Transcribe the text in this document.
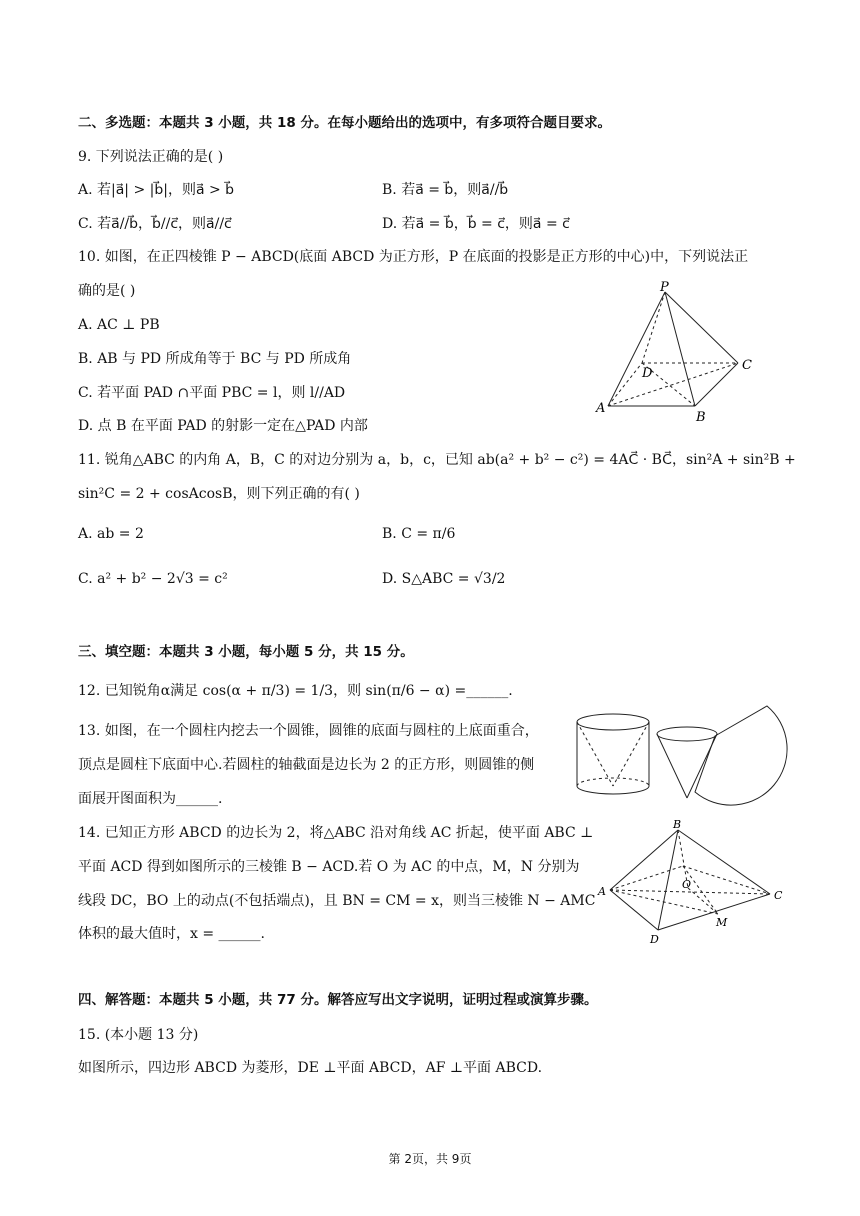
二、多选题：本题共 3 小题，共 18 分。在每小题给出的选项中，有多项符合题目要求。
9. 下列说法正确的是( )
A. 若|a⃗| > |b⃗|，则a⃗ > b⃗	B. 若a⃗ = b⃗，则a⃗//b⃗
C. 若a⃗//b⃗，b⃗//c⃗，则a⃗//c⃗	D. 若a⃗ = b⃗，b⃗ = c⃗，则a⃗ = c⃗
10. 如图，在正四棱锥 P − ABCD(底面 ABCD 为正方形，P 在底面的投影是正方形的中心)中，下列说法正
确的是( )
A. AC ⊥ PB
B. AB 与 PD 所成角等于 BC 与 PD 所成角
C. 若平面 PAD ∩平面 PBC = l，则 l//AD
D. 点 B 在平面 PAD 的射影一定在△PAD 内部
P
A
B
C
D
11. 锐角△ABC 的内角 A，B，C 的对边分别为 a，b，c，已知 ab(a² + b² − c²) = 4AC⃗ · BC⃗，sin²A + sin²B +
sin²C = 2 + cosAcosB，则下列正确的有( )
A. ab = 2	B. C = π/6
C. a² + b² − 2√3 = c²	D. S△ABC = √3/2
三、填空题：本题共 3 小题，每小题 5 分，共 15 分。
12. 已知锐角α满足 cos(α + π/3) = 1/3，则 sin(π/6 − α) =______.
13. 如图，在一个圆柱内挖去一个圆锥，圆锥的底面与圆柱的上底面重合，
顶点是圆柱下底面中心.若圆柱的轴截面是边长为 2 的正方形，则圆锥的侧
面展开图面积为______.
14. 已知正方形 ABCD 的边长为 2，将△ABC 沿对角线 AC 折起，使平面 ABC ⊥
平面 ACD 得到如图所示的三棱锥 B − ACD.若 O 为 AC 的中点，M，N 分别为
线段 DC，BO 上的动点(不包括端点)，且 BN = CM = x，则当三棱锥 N − AMC
体积的最大值时，x = ______.
B
A	C
D
O
M
四、解答题：本题共 5 小题，共 77 分。解答应写出文字说明，证明过程或演算步骤。
15. (本小题 13 分)
如图所示，四边形 ABCD 为菱形，DE ⊥平面 ABCD，AF ⊥平面 ABCD.
第 2页，共 9页
